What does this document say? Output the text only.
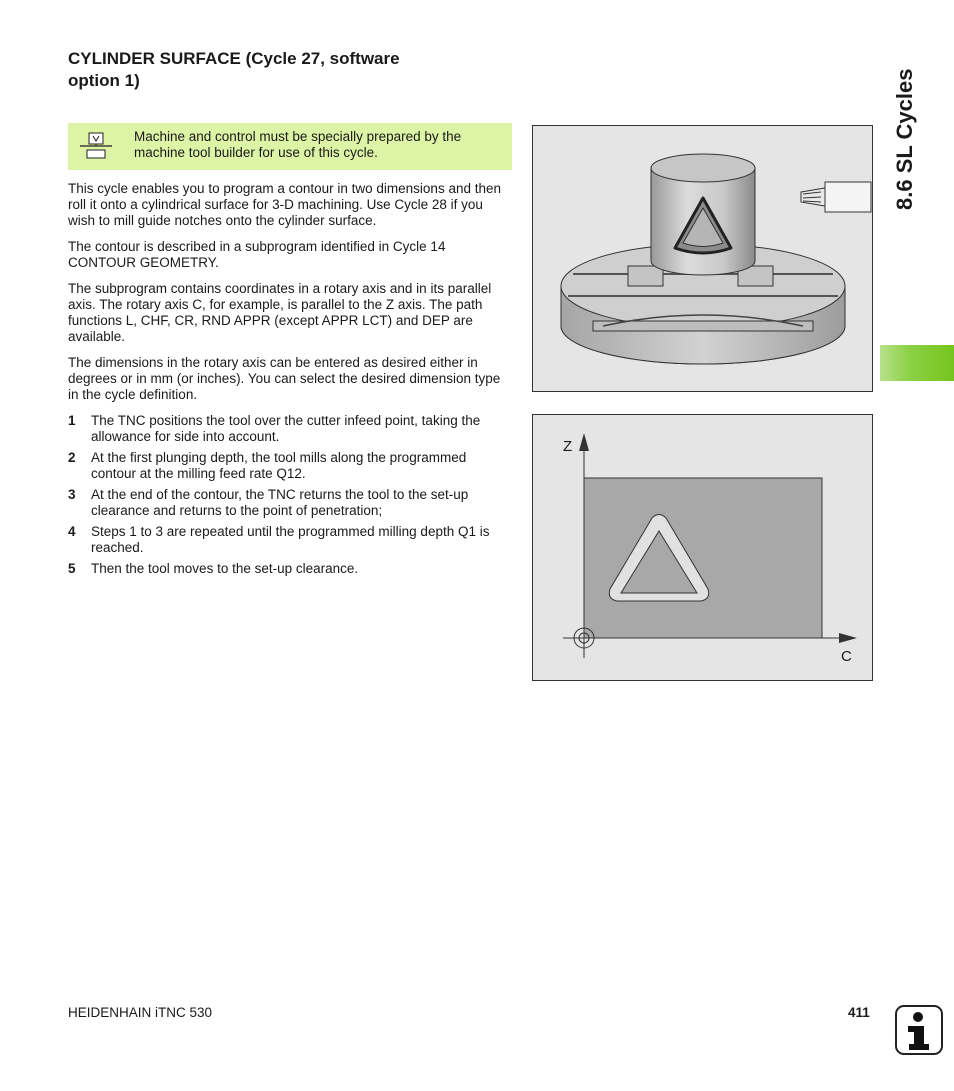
CYLINDER SURFACE (Cycle 27, software
option 1)
Machine and control must be specially prepared by the machine tool builder for use of this cycle.

This cycle enables you to program a contour in two dimensions and then roll it onto a cylindrical surface for 3-D machining. Use Cycle 28 if you wish to mill guide notches onto the cylinder surface.

The contour is described in a subprogram identified in Cycle 14 CONTOUR GEOMETRY.

The subprogram contains coordinates in a rotary axis and in its parallel axis. The rotary axis C, for example, is parallel to the Z axis. The path functions L, CHF, CR, RND APPR (except APPR LCT) and DEP are available.

The dimensions in the rotary axis can be entered as desired either in degrees or in mm (or inches). You can select the desired dimension type in the cycle definition.

1 The TNC positions the tool over the cutter infeed point, taking the allowance for side into account.
2 At the first plunging depth, the tool mills along the programmed contour at the milling feed rate Q12.
3 At the end of the contour, the TNC returns the tool to the set-up clearance and returns to the point of penetration;
4 Steps 1 to 3 are repeated until the programmed milling depth Q1 is reached.
5 Then the tool moves to the set-up clearance.
Z
C
8.6 SL Cycles
HEIDENHAIN iTNC 530	411
